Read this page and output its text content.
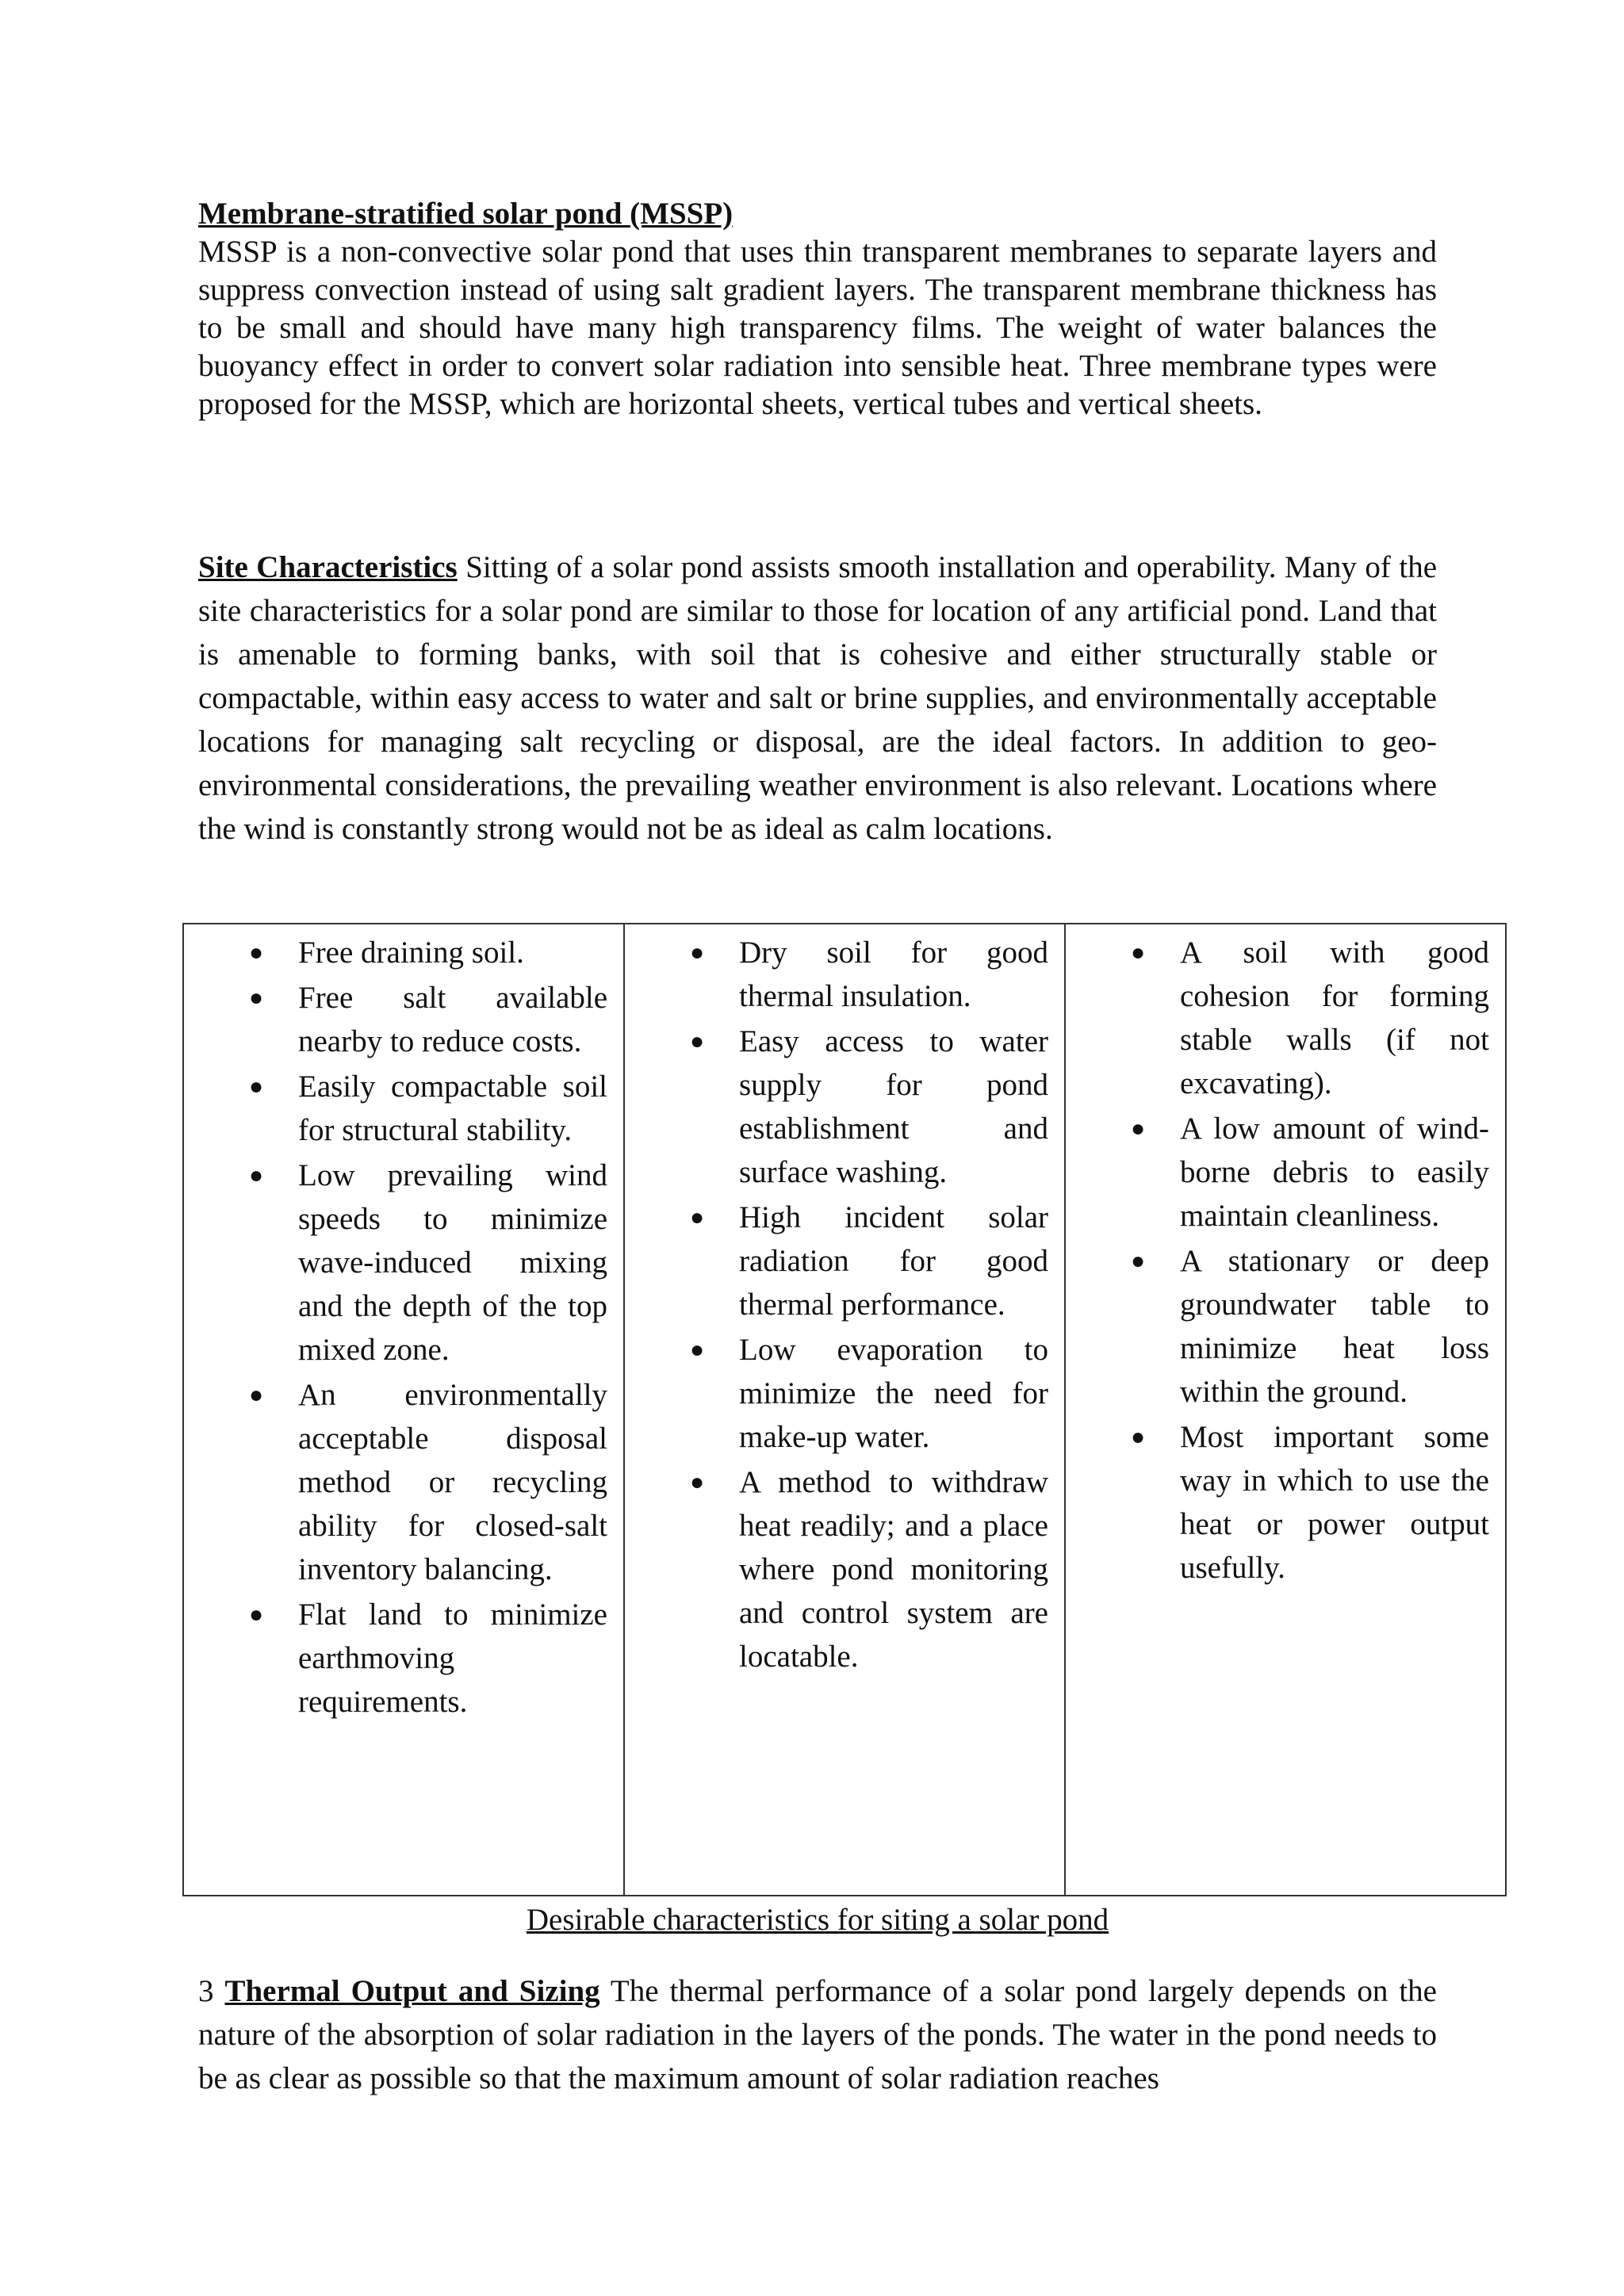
Membrane-stratified solar pond (MSSP)
MSSP is a non-convective solar pond that uses thin transparent membranes to separate layers and suppress convection instead of using salt gradient layers. The transparent membrane thickness has to be small and should have many high transparency films. The weight of water balances the buoyancy effect in order to convert solar radiation into sensible heat. Three membrane types were proposed for the MSSP, which are horizontal sheets, vertical tubes and vertical sheets.
Site Characteristics Sitting of a solar pond assists smooth installation and operability. Many of the site characteristics for a solar pond are similar to those for location of any artificial pond. Land that is amenable to forming banks, with soil that is cohesive and either structurally stable or compactable, within easy access to water and salt or brine supplies, and environmentally acceptable locations for managing salt recycling or disposal, are the ideal factors. In addition to geo-environmental considerations, the prevailing weather environment is also relevant. Locations where the wind is constantly strong would not be as ideal as calm locations.
● Free draining soil.
● Free salt available nearby to reduce costs.
● Easily compactable soil for structural stability.
● Low prevailing wind speeds to minimize wave-induced mixing and the depth of the top mixed zone.
● An environmentally acceptable disposal method or recycling ability for closed-salt inventory balancing.
● Flat land to minimize earthmoving requirements.

● Dry soil for good thermal insulation.
● Easy access to water supply for pond establishment and surface washing.
● High incident solar radiation for good thermal performance.
● Low evaporation to minimize the need for make-up water.
● A method to withdraw heat readily; and a place where pond monitoring and control system are locatable.

● A soil with good cohesion for forming stable walls (if not excavating).
● A low amount of wind-borne debris to easily maintain cleanliness.
● A stationary or deep groundwater table to minimize heat loss within the ground.
● Most important some way in which to use the heat or power output usefully.
Desirable characteristics for siting a solar pond
3 Thermal Output and Sizing The thermal performance of a solar pond largely depends on the nature of the absorption of solar radiation in the layers of the ponds. The water in the pond needs to be as clear as possible so that the maximum amount of solar radiation reaches
